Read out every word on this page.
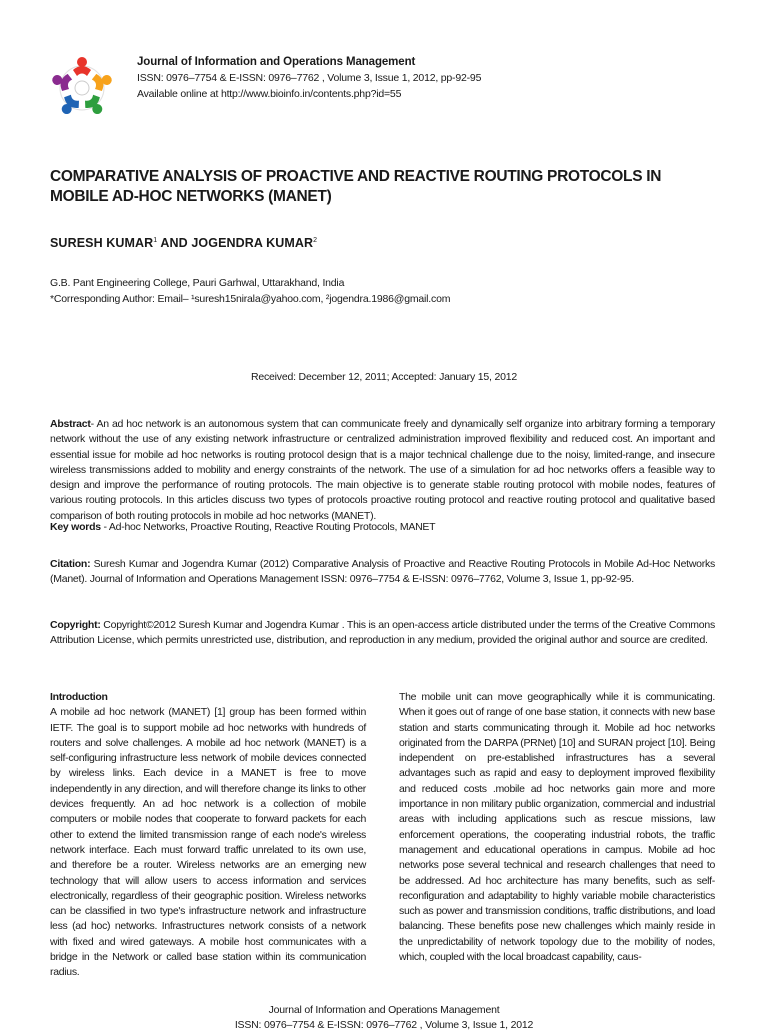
Journal of Information and Operations Management
ISSN: 0976–7754 & E-ISSN: 0976–7762 , Volume 3, Issue 1, 2012, pp-92-95
Available online at http://www.bioinfo.in/contents.php?id=55
COMPARATIVE ANALYSIS OF PROACTIVE AND REACTIVE ROUTING PROTOCOLS IN MOBILE AD-HOC NETWORKS (MANET)
SURESH KUMAR$^1$ AND JOGENDRA KUMAR$^2$
G.B. Pant Engineering College, Pauri Garhwal, Uttarakhand, India
*Corresponding Author: Email– ¹suresh15nirala@yahoo.com, ²jogendra.1986@gmail.com
Received: December 12, 2011; Accepted: January 15, 2012
Abstract- An ad hoc network is an autonomous system that can communicate freely and dynamically self organize into arbitrary forming a temporary network without the use of any existing network infrastructure or centralized administration improved flexibility and reduced cost. An important and essential issue for mobile ad hoc networks is routing protocol design that is a major technical challenge due to the noisy, limited-range, and insecure wireless transmissions added to mobility and energy constraints of the network. The use of a simulation for ad hoc networks offers a feasible way to design and improve the performance of routing protocols. The main objective is to generate stable routing protocol with mobile nodes, features of various routing protocols. In this articles discuss two types of protocols proactive routing protocol and reactive routing protocol and qualitative based comparison of both routing protocols in mobile ad hoc networks (MANET).
Key words - Ad-hoc Networks, Proactive Routing, Reactive Routing Protocols, MANET
Citation: Suresh Kumar and Jogendra Kumar (2012) Comparative Analysis of Proactive and Reactive Routing Protocols in Mobile Ad-Hoc Networks (Manet). Journal of Information and Operations Management ISSN: 0976–7754 & E-ISSN: 0976–7762, Volume 3, Issue 1, pp-92-95.
Copyright: Copyright©2012 Suresh Kumar and Jogendra Kumar . This is an open-access article distributed under the terms of the Creative Commons Attribution License, which permits unrestricted use, distribution, and reproduction in any medium, provided the original author and source are credited.
Introduction
A mobile ad hoc network (MANET) [1] group has been formed within IETF. The goal is to support mobile ad hoc networks with hundreds of routers and solve challenges. A mobile ad hoc network (MANET) is a self-configuring infrastructure less network of mobile devices connected by wireless links. Each device in a MANET is free to move independently in any direction, and will therefore change its links to other devices frequently. An ad hoc network is a collection of mobile computers or mobile nodes that cooperate to forward packets for each other to extend the limited transmission range of each node's wireless network interface. Each must forward traffic unrelated to its own use, and therefore be a router. Wireless networks are an emerging new technology that will allow users to access information and services electronically, regardless of their geographic position. Wireless networks can be classified in two type's infrastructure network and infrastructure less (ad hoc) networks. Infrastructures network consists of a network with fixed and wired gateways. A mobile host communicates with a bridge in the Network or called base station within its communication radius.
The mobile unit can move geographically while it is communicating. When it goes out of range of one base station, it connects with new base station and starts communicating through it. Mobile ad hoc networks originated from the DARPA (PRNet) [10] and SURAN project [10]. Being independent on pre-established infrastructures has a several advantages such as rapid and easy to deployment improved flexibility and reduced costs .mobile ad hoc networks gain more and more importance in non military public organization, commercial and industrial areas with including applications such as rescue missions, law enforcement operations, the cooperating industrial robots, the traffic management and educational operations in campus. Mobile ad hoc networks pose several technical and research challenges that need to be addressed. Ad hoc architecture has many benefits, such as self-reconfiguration and adaptability to highly variable mobile characteristics such as power and transmission conditions, traffic distributions, and load balancing. These benefits pose new challenges which mainly reside in the unpredictability of network topology due to the mobility of nodes, which, coupled with the local broadcast capability, caus-
Journal of Information and Operations Management
ISSN: 0976–7754 & E-ISSN: 0976–7762 , Volume 3, Issue 1, 2012
